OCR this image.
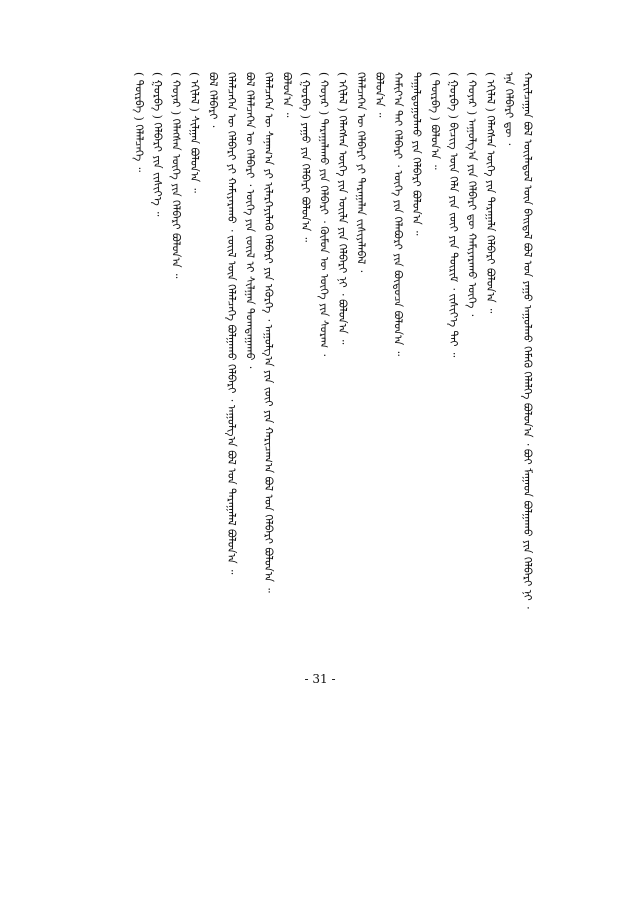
ᠬᠠᠷᠢᠯᠴᠠᠭᠠᠨ ᠪᠣᠯ ᠦᠢᠯᠡᠳᠦᠯ ᠦᠨ ᠪᠠᠢᠳᠠᠯ ᠪᠣᠯ ᠤᠨ ᠶᠠᠭᠤ ᠠᠭᠤᠯᠬᠤ ᠬᠡᠮᠡᠬᠦ ᠬᠡᠯᠡᠯᠭᠡ ᠪᠣᠯᠤᠨ᠎ᠠ ᠂ ᠪᠣᠢ ᠮᠠᠭᠠᠳ ᠪᠣᠯᠭᠠᠬᠤ ᠶᠢᠨ ᠬᠡᠯᠪᠡᠷᠢ ᠨᠢ ᠂
ᠡᠨᠡ ᠬᠡᠯᠪᠡᠷᠢ ᠳᠦ ᠂
( ᠡᠬᠢᠯᠡᠯ ) ᠬᠡᠯᠡᠭᠰᠡᠨ ᠦᠭᠡ ᠶᠢᠨ ᠳᠠᠷᠠᠭᠠᠯᠠ ᠬᠡᠯᠪᠡᠷᠢ ᠪᠣᠯᠤᠨ᠎ᠠ ᠃
( ᠬᠣᠶᠠᠷ ) ᠠᠭᠤᠯᠭ᠎ᠠ ᠶᠢᠨ ᠬᠡᠯᠪᠡᠷᠢ ᠳᠦ ᠬᠠᠮᠢᠶᠠᠷᠠᠬᠤ ᠦᠭᠡ ᠂
( ᠭᠤᠷᠪᠠ ) ᠪᠢᠴᠢᠭ ᠦᠨ ᠬᠡᠯᠡ ᠶᠢᠨ ᠵᠦᠢ ᠶᠢᠨ ᠳᠦᠷᠢᠮ ᠂ ᠵᠢᠱᠢᠶ᠎ᠡ ᠲᠠᠢ ᠃
( ᠳᠥᠷᠪᠡ ) ᠪᠣᠯᠤᠨ᠎ᠠ ᠃
ᠳᠠᠭᠠᠯᠳᠤᠭᠤᠯᠬᠤ ᠶᠢᠨ ᠬᠡᠯᠪᠡᠷᠢ ᠪᠣᠯᠤᠨ᠎ᠠ ᠃
ᠬᠠᠮᠢᠶ᠎ᠠ ᠲᠠᠢ ᠬᠡᠯᠪᠡᠷᠢ ᠂ ᠦᠭᠡ ᠶᠢᠨ ᠬᠡᠯᠡᠪᠦᠷᠢ ᠶᠢᠨ ᠪᠦᠲᠦᠴᠡ ᠪᠣᠯᠤᠨ᠎ᠠ ᠃
ᠪᠣᠯᠤᠨ᠎ᠠ ᠃
ᠬᠡᠯᠡᠯᠴᠡᠭᠡᠨ ᠦ ᠬᠡᠯᠪᠡᠷᠢ ᠶᠢ ᠳᠠᠷᠠᠭᠠᠯᠠᠨ ᠵᠢᠱᠢᠶᠡᠯᠡᠪᠡᠯ ᠂
( ᠡᠬᠢᠯᠡᠯ ) ᠬᠡᠯᠡᠭᠰᠡᠨ ᠦᠭᠡ ᠶᠢᠨ ᠦᠢᠯᠡ ᠶᠢᠨ ᠬᠡᠯᠪᠡᠷᠢ ᠨᠢ ᠂ ᠪᠣᠯᠤᠨ᠎ᠠ ᠃
( ᠬᠣᠶᠠᠷ ) ᠳᠠᠷᠠᠭᠠᠯᠠᠬᠤ ᠶᠢᠨ ᠬᠡᠯᠪᠡᠷᠢ ᠂ ᠬᠦᠮᠦᠨ ᠦ ᠦᠭᠡ ᠶᠢᠨ ᠰᠤᠷᠠᠭ ᠂
( ᠭᠤᠷᠪᠠ ) ᠶᠠᠭᠤ ᠶᠢᠨ ᠬᠡᠯᠪᠡᠷᠢ ᠪᠣᠯᠤᠨ᠎ᠠ ᠃
ᠪᠣᠯᠤᠨ᠎ᠠ ᠃
ᠬᠡᠯᠡᠯᠴᠡᠭᠡᠨ ᠦ ᠰᠠᠨᠠᠭ᠎ᠠ ᠶᠢ ᠢᠯᠡᠷᠬᠡᠶᠢᠯᠡᠬᠦ ᠬᠡᠯᠪᠡᠷᠢ ᠶᠢᠨ ᠡᠭᠦᠷᠭᠡ ᠂ ᠠᠭᠤᠯᠭ᠎ᠠ ᠶᠢᠨ ᠵᠦᠢ ᠶᠢᠨ ᠬᠠᠷᠢᠴᠠᠭ᠎ᠠ ᠪᠣᠯ ᠤᠨ ᠬᠡᠯᠪᠡᠷᠢ ᠪᠣᠯᠤᠨ᠎ᠠ ᠃
ᠪᠣᠯ ᠬᠡᠯᠡᠯᠴᠡᠭᠡᠨ ᠦ ᠬᠡᠯᠪᠡᠷᠢ ᠂ ᠦᠭᠡ ᠶᠢᠨ ᠵᠦᠢᠯ ᠢ ᠰᠢᠯᠭᠠᠨ ᠲᠣᠭᠲᠠᠭᠠᠬᠤ ᠂
ᠬᠡᠯᠡᠯᠴᠡᠭᠡᠨ ᠦ ᠬᠡᠯᠪᠡᠷᠢ ᠶᠢ ᠬᠠᠮᠢᠶᠠᠷᠠᠬᠤ ᠂ ᠵᠦᠢᠯ ᠦᠨ ᠬᠡᠯᠡᠯᠴᠡᠭᠡ ᠪᠣᠯᠭᠠᠬᠤ ᠬᠡᠯᠪᠡᠷᠢ ᠂ ᠠᠭᠤᠯᠭ᠎ᠠ ᠪᠣᠯ ᠤᠨ ᠳᠠᠷᠠᠭᠠᠯᠠᠯ ᠪᠣᠯᠤᠨ᠎ᠠ ᠃
ᠪᠣᠯ ᠬᠡᠯᠪᠡᠷᠢ ᠂
( ᠡᠬᠢᠯᠡᠯ ) ᠰᠢᠯᠭᠠᠨ ᠪᠣᠯᠤᠨ᠎ᠠ ᠃
( ᠬᠣᠶᠠᠷ ) ᠬᠡᠯᠡᠭᠰᠡᠨ ᠦᠭᠡ ᠶᠢᠨ ᠬᠡᠯᠪᠡᠷᠢ ᠪᠣᠯᠤᠨ᠎ᠠ ᠃
( ᠭᠤᠷᠪᠠ ) ᠬᠡᠯᠪᠡᠷᠢ ᠶᠢᠨ ᠵᠢᠱᠢᠶ᠎ᠡ ᠃
( ᠳᠥᠷᠪᠡ ) ᠬᠡᠯᠡᠯᠴᠡᠭᠡ ᠃
- 31 -
